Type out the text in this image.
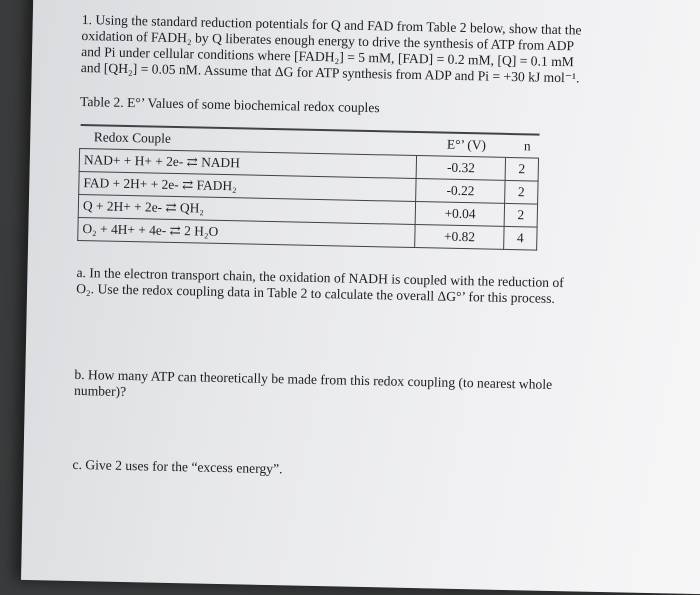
1. Using the standard reduction potentials for Q and FAD from Table 2 below, show that the oxidation of FADH₂ by Q liberates enough energy to drive the synthesis of ATP from ADP and Pi under cellular conditions where [FADH₂] = 5 mM, [FAD] = 0.2 mM, [Q] = 0.1 mM and [QH₂] = 0.05 nM. Assume that ΔG for ATP synthesis from ADP and Pi = +30 kJ mol⁻¹.

Table 2. E°’ Values of some biochemical redox couples
Redox Couple	E°’ (V)	n
NAD+ + H+ + 2e- ⇄ NADH	-0.32	2
FAD + 2H+ + 2e- ⇄ FADH₂	-0.22	2
Q + 2H+ + 2e- ⇄ QH₂	+0.04	2
O₂ + 4H+ + 4e- ⇄ 2 H₂O	+0.82	4
a. In the electron transport chain, the oxidation of NADH is coupled with the reduction of O₂. Use the redox coupling data in Table 2 to calculate the overall ΔG°’ for this process.
b. How many ATP can theoretically be made from this redox coupling (to nearest whole number)?
c. Give 2 uses for the “excess energy”.
